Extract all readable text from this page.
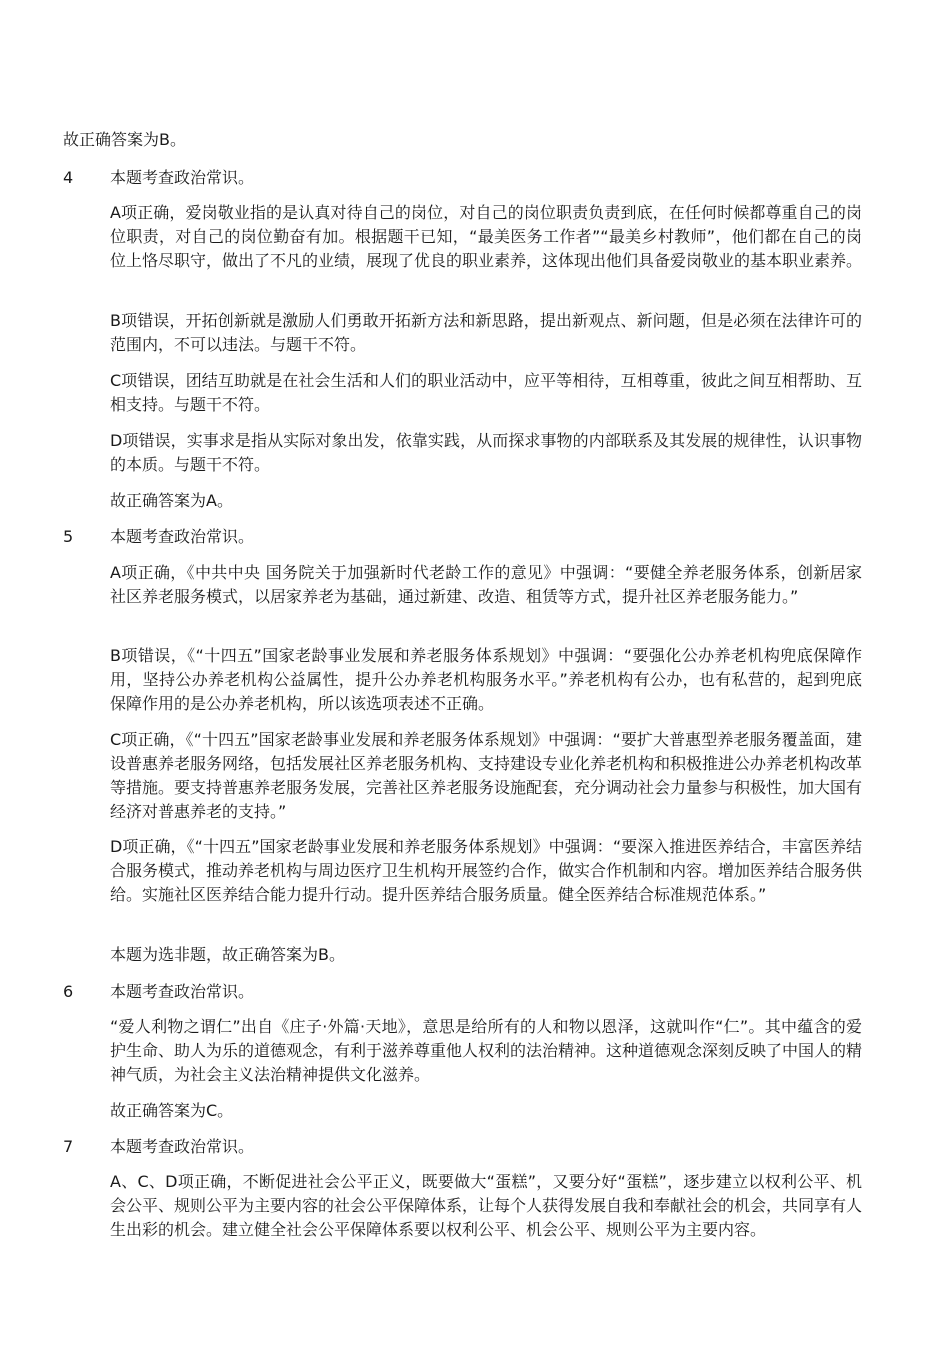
故正确答案为B。
4 本题考查政治常识。
A项正确，爱岗敬业指的是认真对待自己的岗位，对自己的岗位职责负责到底，在任何时候都尊重自己的岗位职责，对自己的岗位勤奋有加。根据题干已知，“最美医务工作者”“最美乡村教师”，他们都在自己的岗位上恪尽职守，做出了不凡的业绩，展现了优良的职业素养，这体现出他们具备爱岗敬业的基本职业素养。
B项错误，开拓创新就是激励人们勇敢开拓新方法和新思路，提出新观点、新问题，但是必须在法律许可的范围内，不可以违法。与题干不符。
C项错误，团结互助就是在社会生活和人们的职业活动中，应平等相待，互相尊重，彼此之间互相帮助、互相支持。与题干不符。
D项错误，实事求是指从实际对象出发，依靠实践，从而探求事物的内部联系及其发展的规律性，认识事物的本质。与题干不符。
故正确答案为A。
5 本题考查政治常识。
A项正确，《中共中央 国务院关于加强新时代老龄工作的意见》中强调：“要健全养老服务体系，创新居家社区养老服务模式，以居家养老为基础，通过新建、改造、租赁等方式，提升社区养老服务能力。”
B项错误，《“十四五”国家老龄事业发展和养老服务体系规划》中强调：“要强化公办养老机构兜底保障作用，坚持公办养老机构公益属性，提升公办养老机构服务水平。”养老机构有公办，也有私营的，起到兜底保障作用的是公办养老机构，所以该选项表述不正确。
C项正确，《“十四五”国家老龄事业发展和养老服务体系规划》中强调：“要扩大普惠型养老服务覆盖面，建设普惠养老服务网络，包括发展社区养老服务机构、支持建设专业化养老机构和积极推进公办养老机构改革等措施。要支持普惠养老服务发展，完善社区养老服务设施配套，充分调动社会力量参与积极性，加大国有经济对普惠养老的支持。”
D项正确，《“十四五”国家老龄事业发展和养老服务体系规划》中强调：“要深入推进医养结合，丰富医养结合服务模式，推动养老机构与周边医疗卫生机构开展签约合作，做实合作机制和内容。增加医养结合服务供给。实施社区医养结合能力提升行动。提升医养结合服务质量。健全医养结合标准规范体系。”
本题为选非题，故正确答案为B。
6 本题考查政治常识。
“爱人利物之谓仁”出自《庄子·外篇·天地》，意思是给所有的人和物以恩泽，这就叫作“仁”。其中蕴含的爱护生命、助人为乐的道德观念，有利于滋养尊重他人权利的法治精神。这种道德观念深刻反映了中国人的精神气质，为社会主义法治精神提供文化滋养。
故正确答案为C。
7 本题考查政治常识。
A、C、D项正确，不断促进社会公平正义，既要做大“蛋糕”，又要分好“蛋糕”，逐步建立以权利公平、机会公平、规则公平为主要内容的社会公平保障体系，让每个人获得发展自我和奉献社会的机会，共同享有人生出彩的机会。建立健全社会公平保障体系要以权利公平、机会公平、规则公平为主要内容。
